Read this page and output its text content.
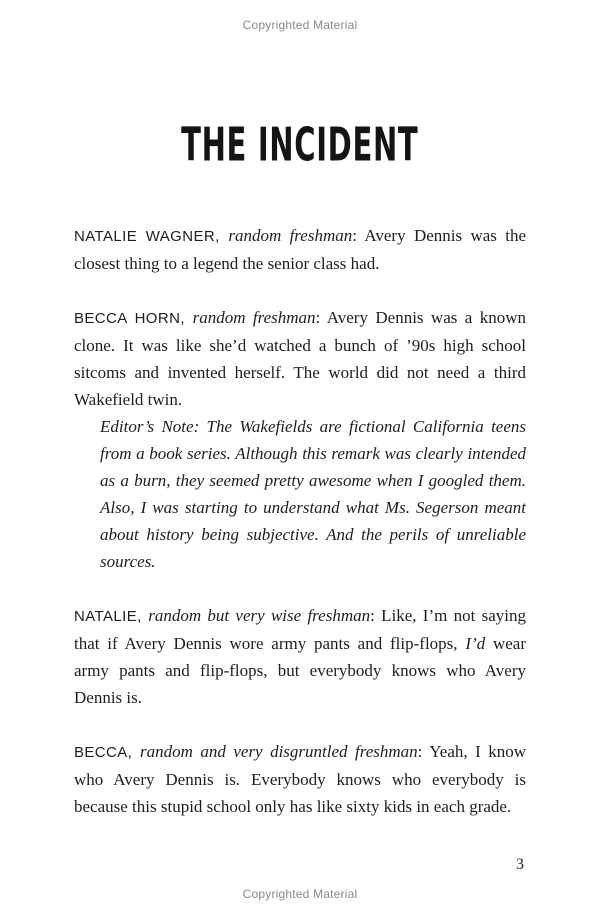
Copyrighted Material
THE INCIDENT

NATALIE WAGNER, random freshman: Avery Dennis was the closest thing to a legend the senior class had.

BECCA HORN, random freshman: Avery Dennis was a known clone. It was like she’d watched a bunch of ’90s high school sitcoms and invented herself. The world did not need a third Wakefield twin.

Editor’s Note: The Wakefields are fictional California teens from a book series. Although this remark was clearly intended as a burn, they seemed pretty awesome when I googled them. Also, I was starting to understand what Ms. Segerson meant about history being subjective. And the perils of unreliable sources.

NATALIE, random but very wise freshman: Like, I’m not saying that if Avery Dennis wore army pants and flip-flops, I’d wear army pants and flip-flops, but everybody knows who Avery Dennis is.

BECCA, random and very disgruntled freshman: Yeah, I know who Avery Dennis is. Everybody knows who everybody is because this stupid school only has like sixty kids in each grade.

3
Copyrighted Material
